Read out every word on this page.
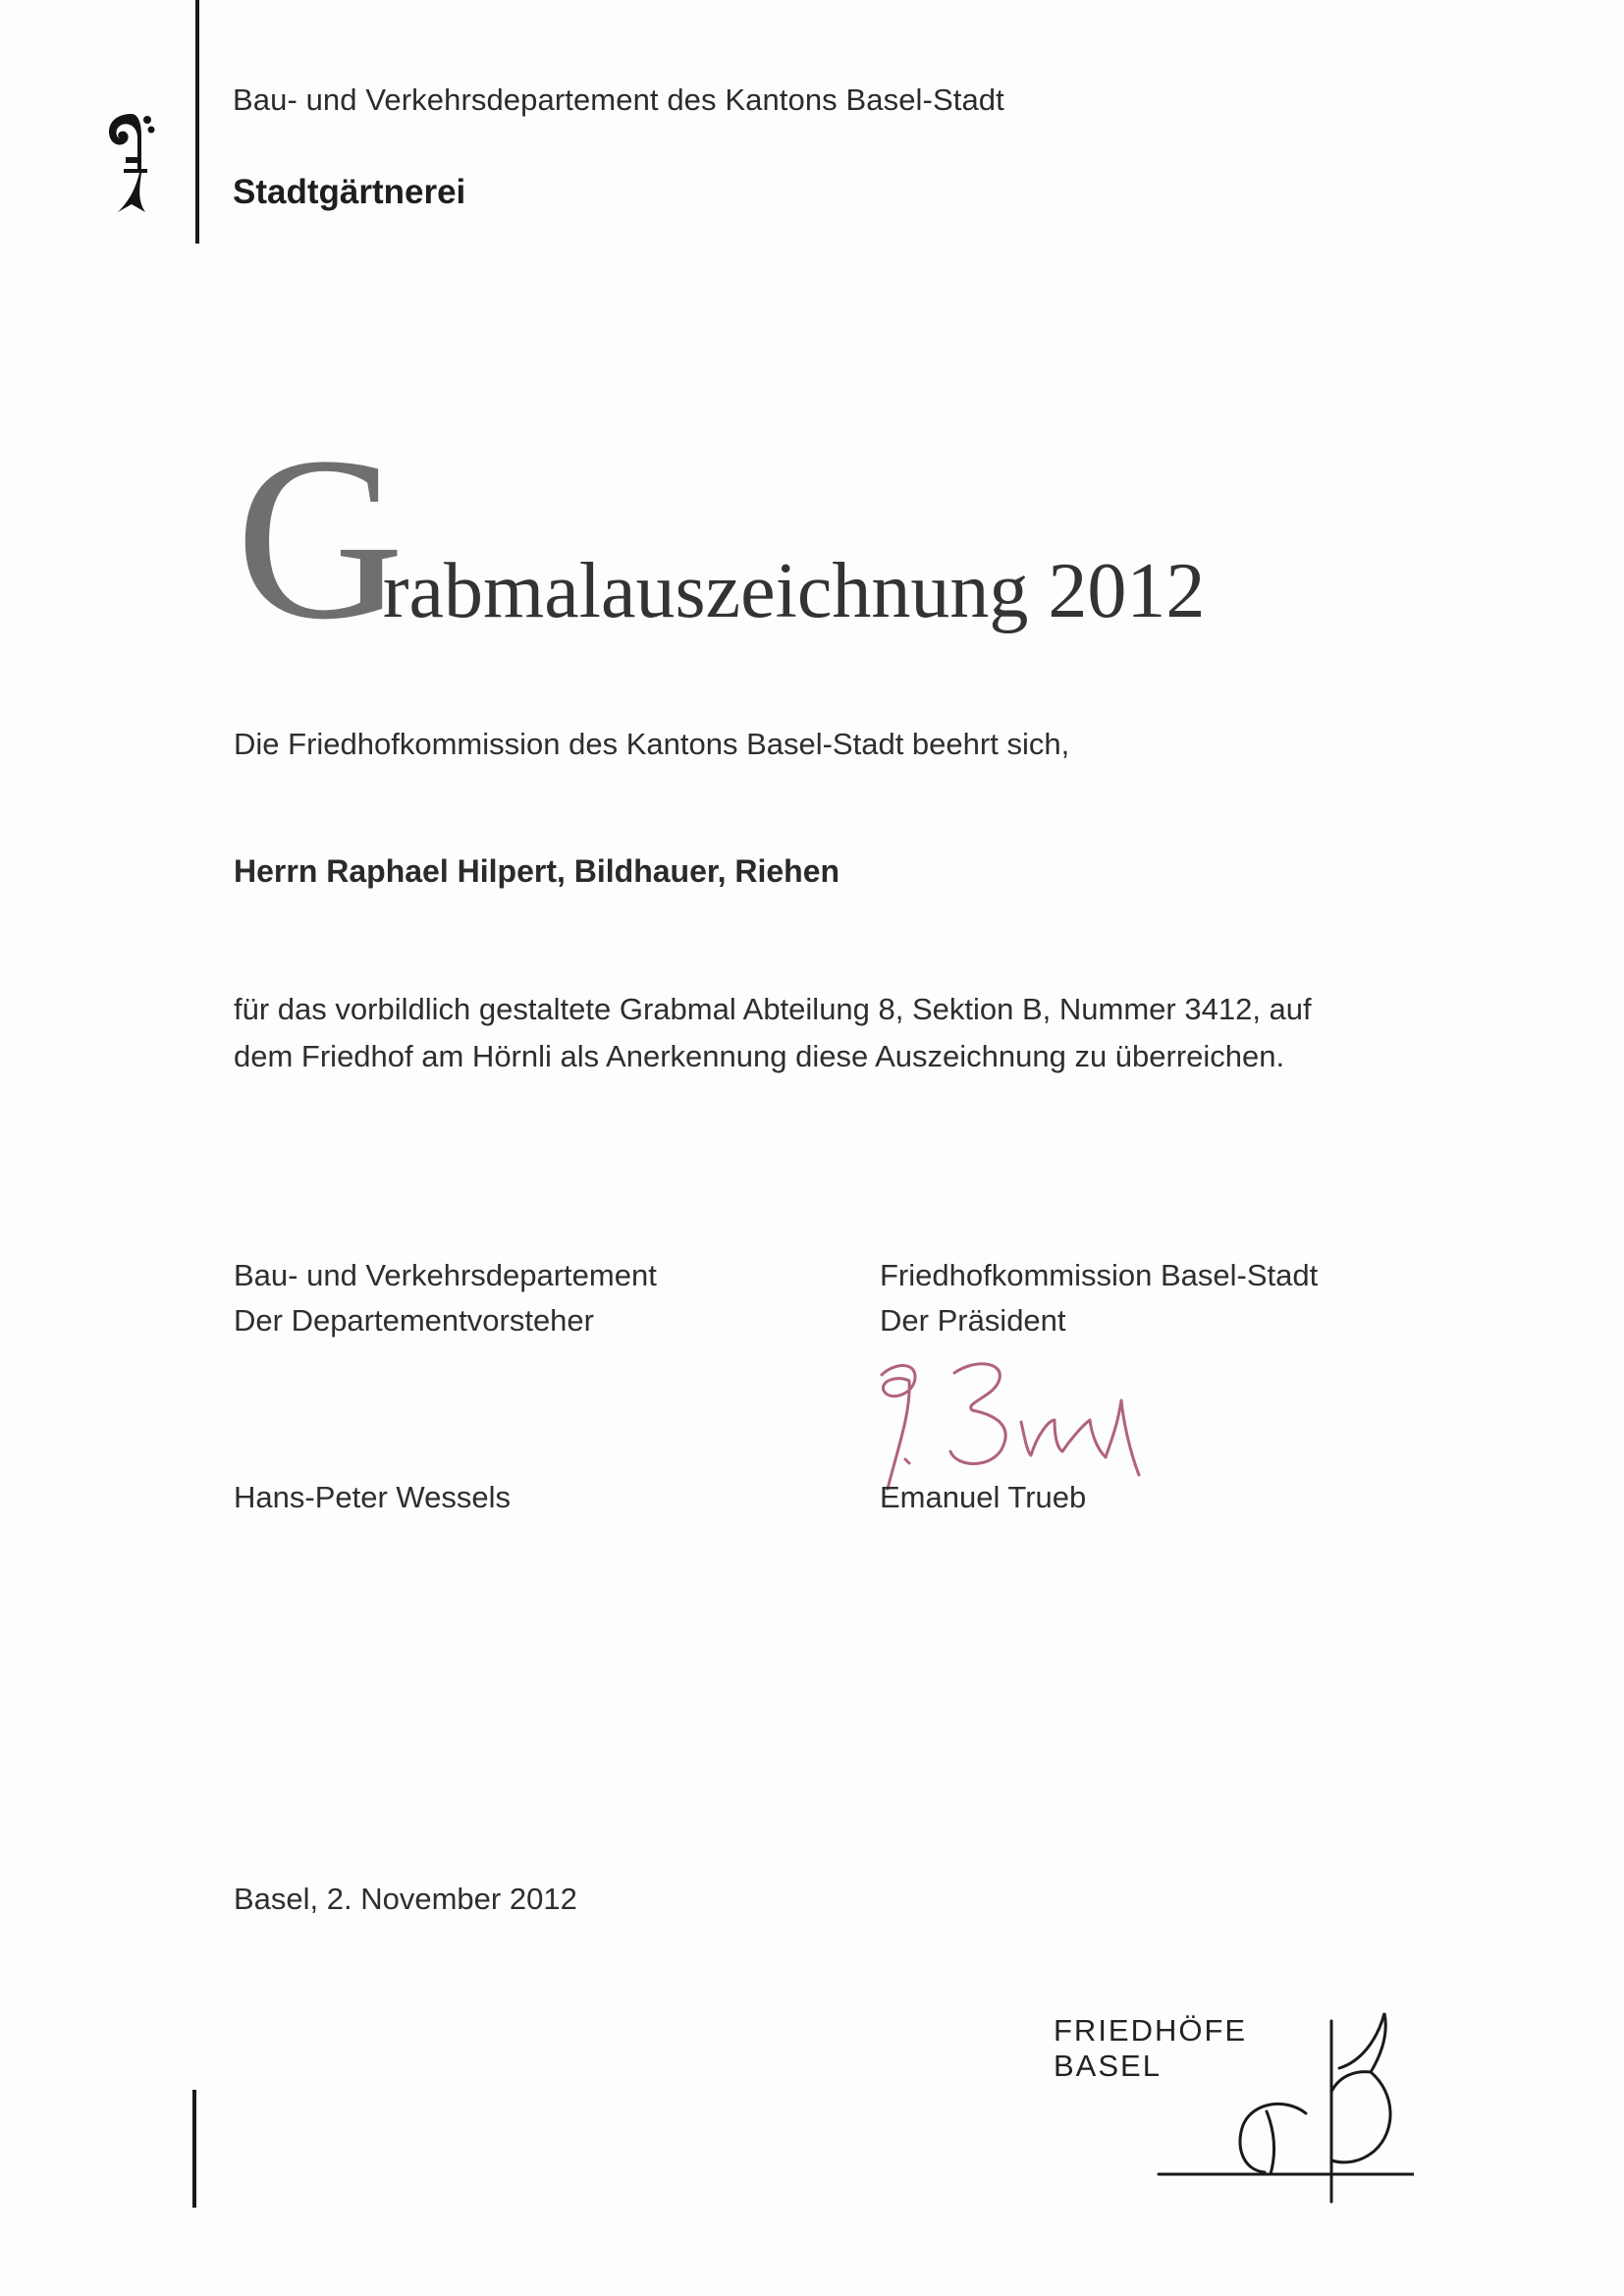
Bau- und Verkehrsdepartement des Kantons Basel-Stadt
Stadtgärtnerei
Grabmalauszeichnung 2012
Die Friedhofkommission des Kantons Basel-Stadt beehrt sich,
Herrn Raphael Hilpert, Bildhauer, Riehen
für das vorbildlich gestaltete Grabmal Abteilung 8, Sektion B, Nummer 3412, auf
dem Friedhof am Hörnli als Anerkennung diese Auszeichnung zu überreichen.
Bau- und Verkehrsdepartement
Der Departementvorsteher
Friedhofkommission Basel-Stadt
Der Präsident
Hans-Peter Wessels	Emanuel Trueb
Basel, 2. November 2012
FRIEDHÖFE
BASEL
